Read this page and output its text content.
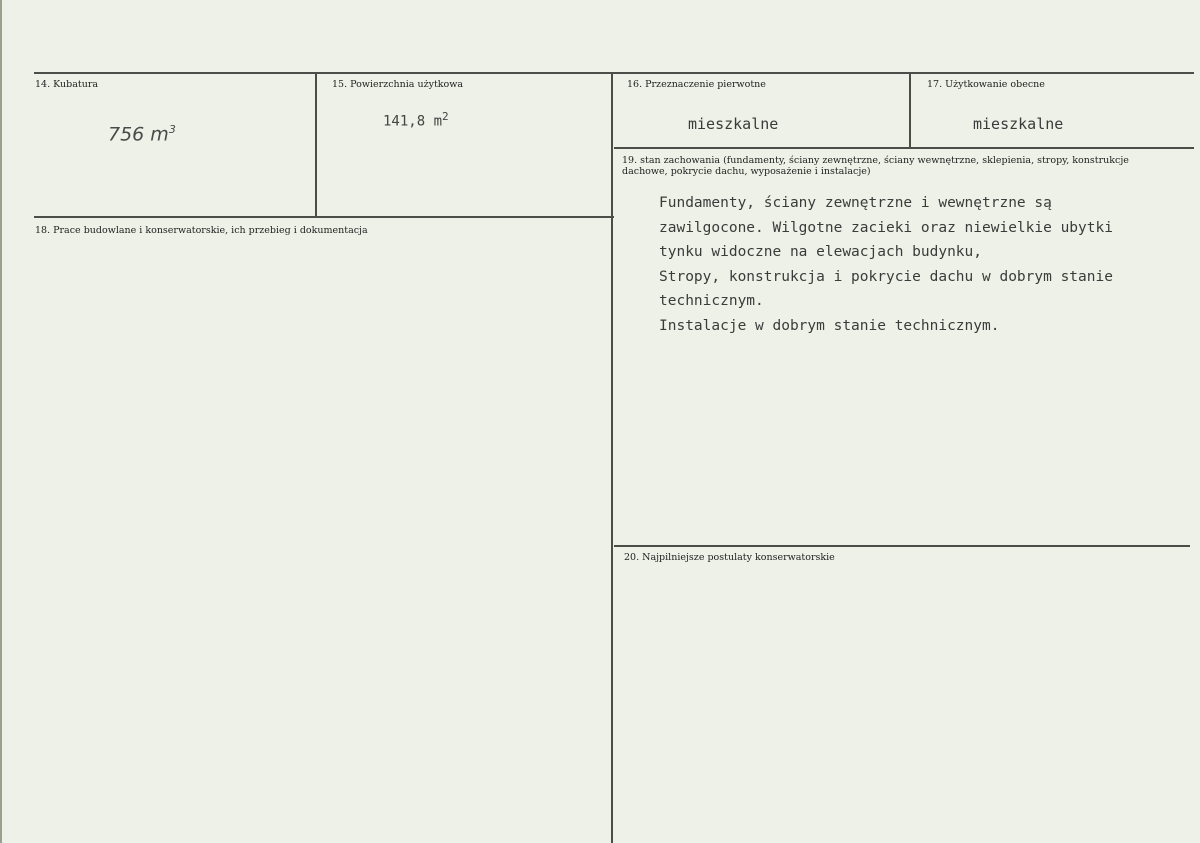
14. Kubatura
756 $m^3$
15. Powierzchnia użytkowa
141,8 $m^2$
16. Przeznaczenie pierwotne
mieszkalne
17. Użytkowanie obecne
mieszkalne
18. Prace budowlane i konserwatorskie, ich przebieg i dokumentacja
19. stan zachowania (fundamenty, ściany zewnętrzne, ściany wewnętrzne, sklepienia, stropy, konstrukcje dachowe, pokrycie dachu, wyposażenie i instalacje)
Fundamenty, ściany zewnętrzne i wewnętrzne są
zawilgocone. Wilgotne zacieki oraz niewielkie ubytki
tynku widoczne na elewacjach budynku,
Stropy, konstrukcja i pokrycie dachu w dobrym stanie
technicznym.
Instalacje w dobrym stanie technicznym.
20. Najpilniejsze postulaty konserwatorskie
